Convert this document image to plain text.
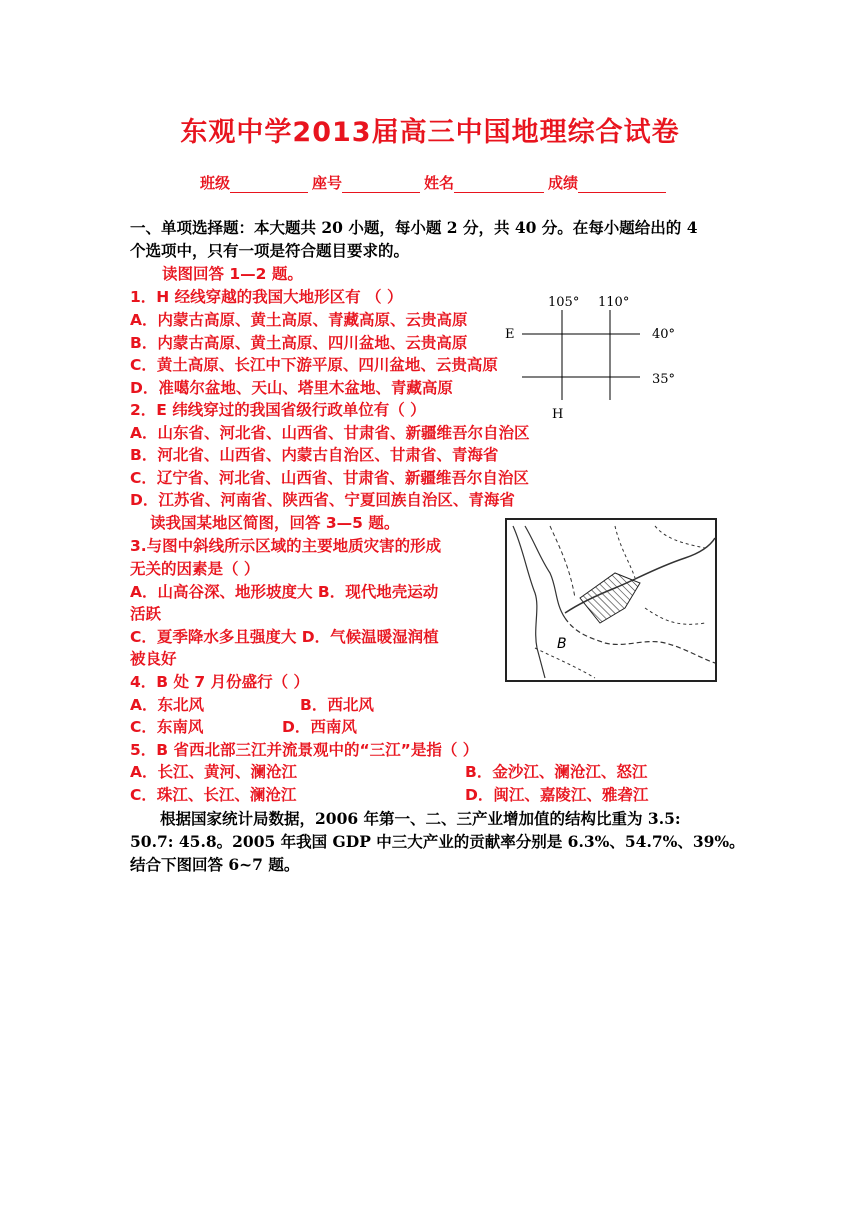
东观中学2013届高三中国地理综合试卷
班级	座号	姓名	成绩
一、单项选择题：本大题共 20 小题，每小题 2 分，共 40 分。在每小题给出的 4
个选项中，只有一项是符合题目要求的。
读图回答 1—2 题。
1．H 经线穿越的我国大地形区有 （ ）
A．内蒙古高原、黄土高原、青藏高原、云贵高原
B．内蒙古高原、黄土高原、四川盆地、云贵高原
C．黄土高原、长江中下游平原、四川盆地、云贵高原
D．准噶尔盆地、天山、塔里木盆地、青藏高原
2．E 纬线穿过的我国省级行政单位有（ ）
A．山东省、河北省、山西省、甘肃省、新疆维吾尔自治区
B．河北省、山西省、内蒙古自治区、甘肃省、青海省
C．辽宁省、河北省、山西省、甘肃省、新疆维吾尔自治区
D．江苏省、河南省、陕西省、宁夏回族自治区、青海省
105° 110°
40°
35°
E
H
读我国某地区简图，回答 3—5 题。
3.与图中斜线所示区域的主要地质灾害的形成
无关的因素是（ ）
A．山高谷深、地形坡度大 B．现代地壳运动
活跃
C．夏季降水多且强度大 D．气候温暖湿润植
被良好
B
4．B 处 7 月份盛行（ ）
A．东北风	B．西北风
C．东南风	D．西南风
5．B 省西北部三江并流景观中的“三江”是指（ ）
A．长江、黄河、澜沧江	B．金沙江、澜沧江、怒江
C．珠江、长江、澜沧江	D．闽江、嘉陵江、雅砻江
根据国家统计局数据，2006 年第一、二、三产业增加值的结构比重为 3.5:
50.7: 45.8。2005 年我国 GDP 中三大产业的贡献率分别是 6.3%、54.7%、39%。
结合下图回答 6~7 题。
